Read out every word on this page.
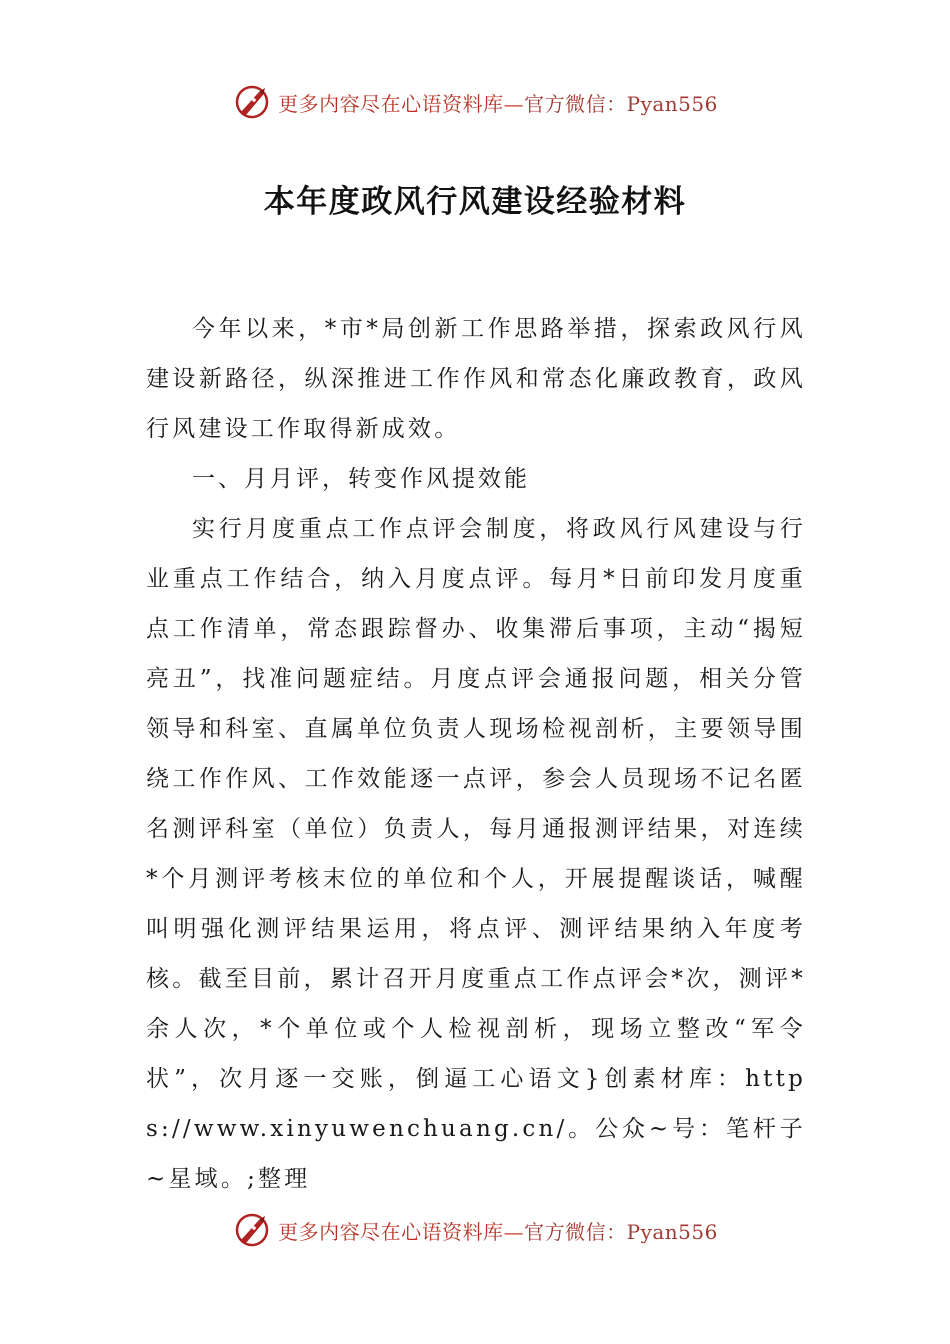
更多内容尽在心语资料库—官方微信：Pyan556
本年度政风行风建设经验材料

今年以来，*市*局创新工作思路举措，探索政风行风建设新路径，纵深推进工作作风和常态化廉政教育，政风行风建设工作取得新成效。

一、月月评，转变作风提效能

实行月度重点工作点评会制度，将政风行风建设与行业重点工作结合，纳入月度点评。每月*日前印发月度重点工作清单，常态跟踪督办、收集滞后事项，主动“揭短亮丑”，找准问题症结。月度点评会通报问题，相关分管领导和科室、直属单位负责人现场检视剖析，主要领导围绕工作作风、工作效能逐一点评，参会人员现场不记名匿名测评科室（单位）负责人，每月通报测评结果，对连续*个月测评考核末位的单位和个人，开展提醒谈话，喊醒叫明强化测评结果运用，将点评、测评结果纳入年度考核。截至目前，累计召开月度重点工作点评会*次，测评*余人次，*个单位或个人检视剖析，现场立整改“军令状”，次月逐一交账，倒逼工心语文}创素材库：https://www.xinyuwenchuang.cn/。公众~号：笔杆子~星域。;整理

更多内容尽在心语资料库—官方微信：Pyan556
